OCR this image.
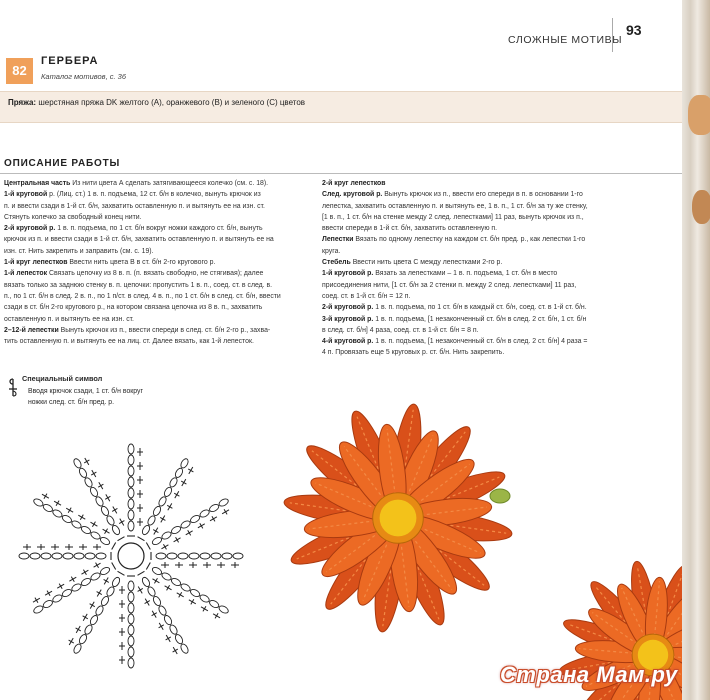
СЛОЖНЫЕ МОТИВЫ
93
82
ГЕРБЕРА
Каталог мотивов, с. 36
Пряжа: шерстяная пряжа DK желтого (A), оранжевого (B) и зеленого (C) цветов
ОПИСАНИЕ РАБОТЫ

Центральная часть Из нити цвета А сделать затягивающееся колечко (см. с. 18).

1-й круговой р. (Лиц. ст.) 1 в. п. подъема, 12 ст. б/н в колечко, вынуть крючок из

п. и ввести сзади в 1-й ст. б/н, захватить оставленную п. и вытянуть ее на изн. ст.

Стянуть колечко за свободный конец нити.

2-й круговой р. 1 в. п. подъема, по 1 ст. б/н вокруг ножки каждого ст. б/н, вынуть

крючок из п. и ввести сзади в 1-й ст. б/н, захватить оставленную п. и вытянуть ее на

изн. ст. Нить закрепить и заправить (см. с. 19).

1-й круг лепестков Ввести нить цвета В в ст. б/н 2-го кругового р.

1-й лепесток Связать цепочку из 8 в. п. (п. вязать свободно, не стягивая); далее

вязать только за заднюю стенку в. п. цепочки: пропустить 1 в. п., соед. ст. в след. в.

п., по 1 ст. б/н в след. 2 в. п., по 1 п/ст. в след. 4 в. п., по 1 ст. б/н в след. ст. б/н, ввести

сзади в ст. б/н 2-го кругового р., на котором связана цепочка из 8 в. п., захватить

оставленную п. и вытянуть ее на изн. ст.

2–12-й лепестки Вынуть крючок из п., ввести спереди в след. ст. б/н 2-го р., захва-

тить оставленную п. и вытянуть ее на лиц. ст. Далее вязать, как 1-й лепесток.

2-й круг лепестков

След. круговой р. Вынуть крючок из п., ввести его спереди в п. в основании 1-го

лепестка, захватить оставленную п. и вытянуть ее, 1 в. п., 1 ст. б/н за ту же стенку,

[1 в. п., 1 ст. б/н на стенке между 2 след. лепестками] 11 раз, вынуть крючок из п.,

ввести спереди в 1-й ст. б/н, захватить оставленную п.

Лепестки Вязать по одному лепестку на каждом ст. б/н пред. р., как лепестки 1-го

круга.

Стебель Ввести нить цвета С между лепестками 2-го р.

1-й круговой р. Вязать за лепестками – 1 в. п. подъема, 1 ст. б/н в место

присоединения нити, [1 ст. б/н за 2 стенки п. между 2 след. лепестками] 11 раз,

соед. ст. в 1-й ст. б/н = 12 п.

2-й круговой р. 1 в. п. подъема, по 1 ст. б/н в каждый ст. б/н, соед. ст. в 1-й ст. б/н.

3-й круговой р. 1 в. п. подъема, [1 незаконченный ст. б/н в след. 2 ст. б/н, 1 ст. б/н

в след. ст. б/н] 4 раза, соед. ст. в 1-й ст. б/н = 8 п.

4-й круговой р. 1 в. п. подъема, [1 незаконченный ст. б/н в след. 2 ст. б/н] 4 раза =

4 п. Провязать еще 5 круговых р. ст. б/н. Нить закрепить.

Специальный символ
Вводя крючок сзади, 1 ст. б/н вокруг
ножки след. ст. б/н пред. р.
Страна Мам.ру
